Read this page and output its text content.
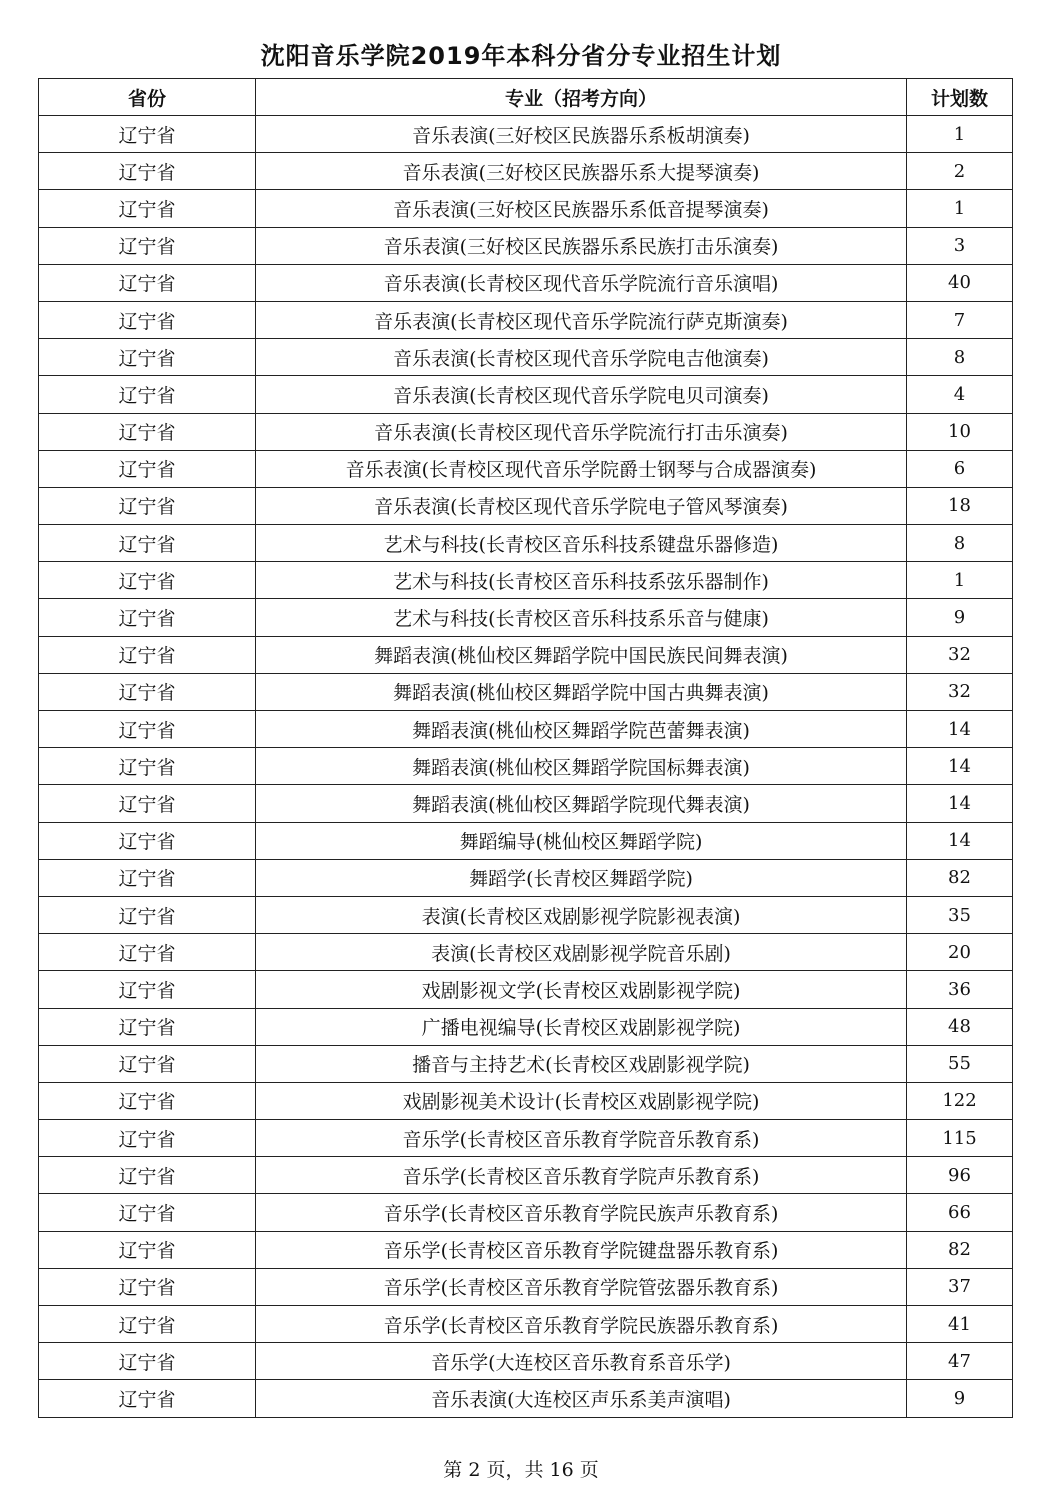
沈阳音乐学院2019年本科分省分专业招生计划
省份	专业（招考方向）	计划数
辽宁省	音乐表演(三好校区民族器乐系板胡演奏)	1
辽宁省	音乐表演(三好校区民族器乐系大提琴演奏)	2
辽宁省	音乐表演(三好校区民族器乐系低音提琴演奏)	1
辽宁省	音乐表演(三好校区民族器乐系民族打击乐演奏)	3
辽宁省	音乐表演(长青校区现代音乐学院流行音乐演唱)	40
辽宁省	音乐表演(长青校区现代音乐学院流行萨克斯演奏)	7
辽宁省	音乐表演(长青校区现代音乐学院电吉他演奏)	8
辽宁省	音乐表演(长青校区现代音乐学院电贝司演奏)	4
辽宁省	音乐表演(长青校区现代音乐学院流行打击乐演奏)	10
辽宁省	音乐表演(长青校区现代音乐学院爵士钢琴与合成器演奏)	6
辽宁省	音乐表演(长青校区现代音乐学院电子管风琴演奏)	18
辽宁省	艺术与科技(长青校区音乐科技系键盘乐器修造)	8
辽宁省	艺术与科技(长青校区音乐科技系弦乐器制作)	1
辽宁省	艺术与科技(长青校区音乐科技系乐音与健康)	9
辽宁省	舞蹈表演(桃仙校区舞蹈学院中国民族民间舞表演)	32
辽宁省	舞蹈表演(桃仙校区舞蹈学院中国古典舞表演)	32
辽宁省	舞蹈表演(桃仙校区舞蹈学院芭蕾舞表演)	14
辽宁省	舞蹈表演(桃仙校区舞蹈学院国标舞表演)	14
辽宁省	舞蹈表演(桃仙校区舞蹈学院现代舞表演)	14
辽宁省	舞蹈编导(桃仙校区舞蹈学院)	14
辽宁省	舞蹈学(长青校区舞蹈学院)	82
辽宁省	表演(长青校区戏剧影视学院影视表演)	35
辽宁省	表演(长青校区戏剧影视学院音乐剧)	20
辽宁省	戏剧影视文学(长青校区戏剧影视学院)	36
辽宁省	广播电视编导(长青校区戏剧影视学院)	48
辽宁省	播音与主持艺术(长青校区戏剧影视学院)	55
辽宁省	戏剧影视美术设计(长青校区戏剧影视学院)	122
辽宁省	音乐学(长青校区音乐教育学院音乐教育系)	115
辽宁省	音乐学(长青校区音乐教育学院声乐教育系)	96
辽宁省	音乐学(长青校区音乐教育学院民族声乐教育系)	66
辽宁省	音乐学(长青校区音乐教育学院键盘器乐教育系)	82
辽宁省	音乐学(长青校区音乐教育学院管弦器乐教育系)	37
辽宁省	音乐学(长青校区音乐教育学院民族器乐教育系)	41
辽宁省	音乐学(大连校区音乐教育系音乐学)	47
辽宁省	音乐表演(大连校区声乐系美声演唱)	9
第 2 页，共 16 页
